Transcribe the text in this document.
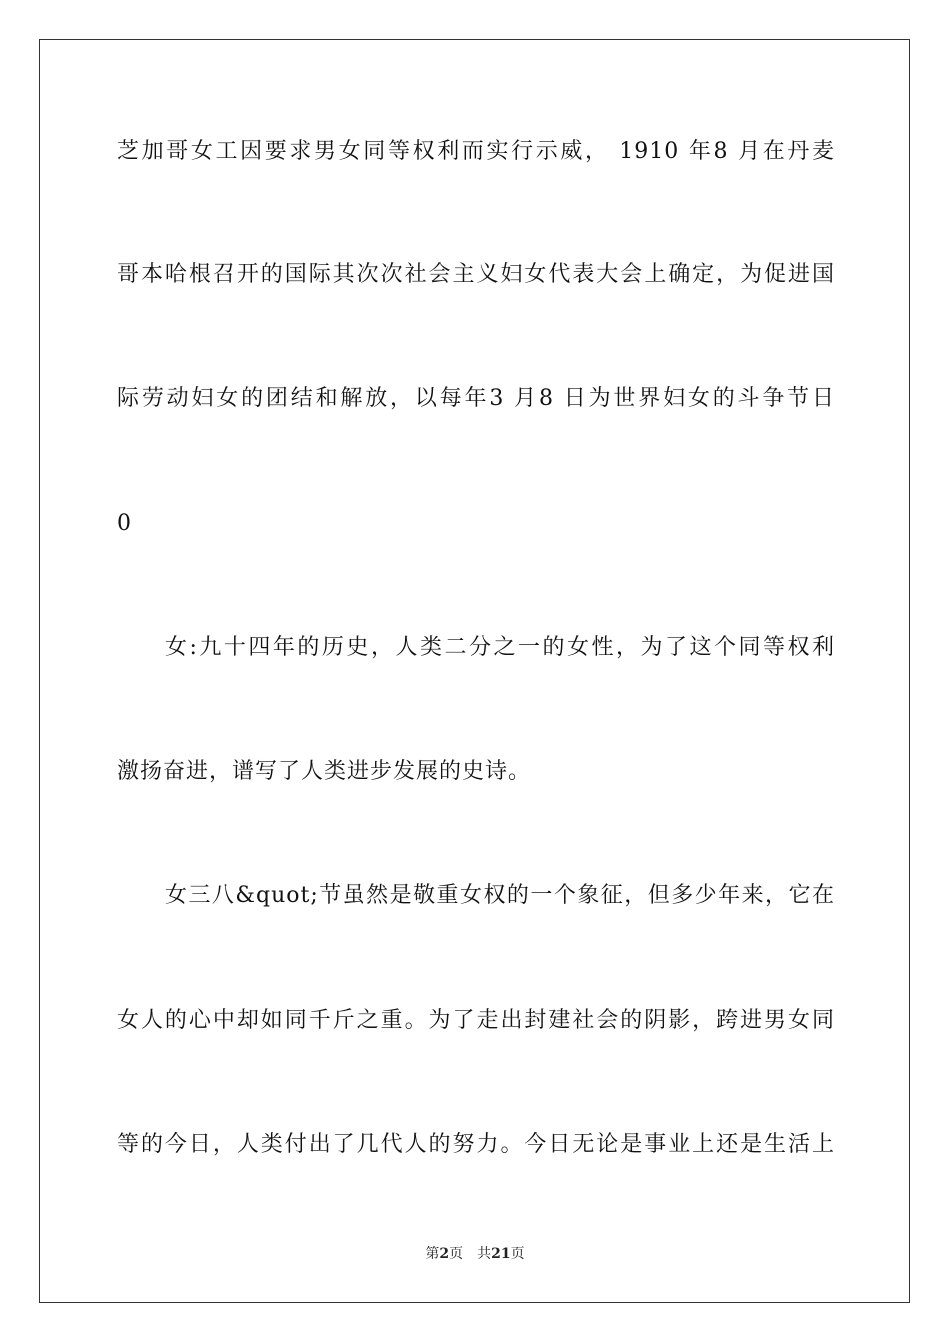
芝加哥女工因要求男女同等权利而实行示威， 1910 年8 月在丹麦
哥本哈根召开的国际其次次社会主义妇女代表大会上确定，为促进国
际劳动妇女的团结和解放，以每年3 月8 日为世界妇女的斗争节日
0
女:九十四年的历史，人类二分之一的女性，为了这个同等权利
激扬奋进，谱写了人类进步发展的史诗。
女三八&quot;节虽然是敬重女权的一个象征，但多少年来，它在
女人的心中却如同千斤之重。为了走出封建社会的阴影，跨进男女同
等的今日，人类付出了几代人的努力。今日无论是事业上还是生活上
第2页 共21页
